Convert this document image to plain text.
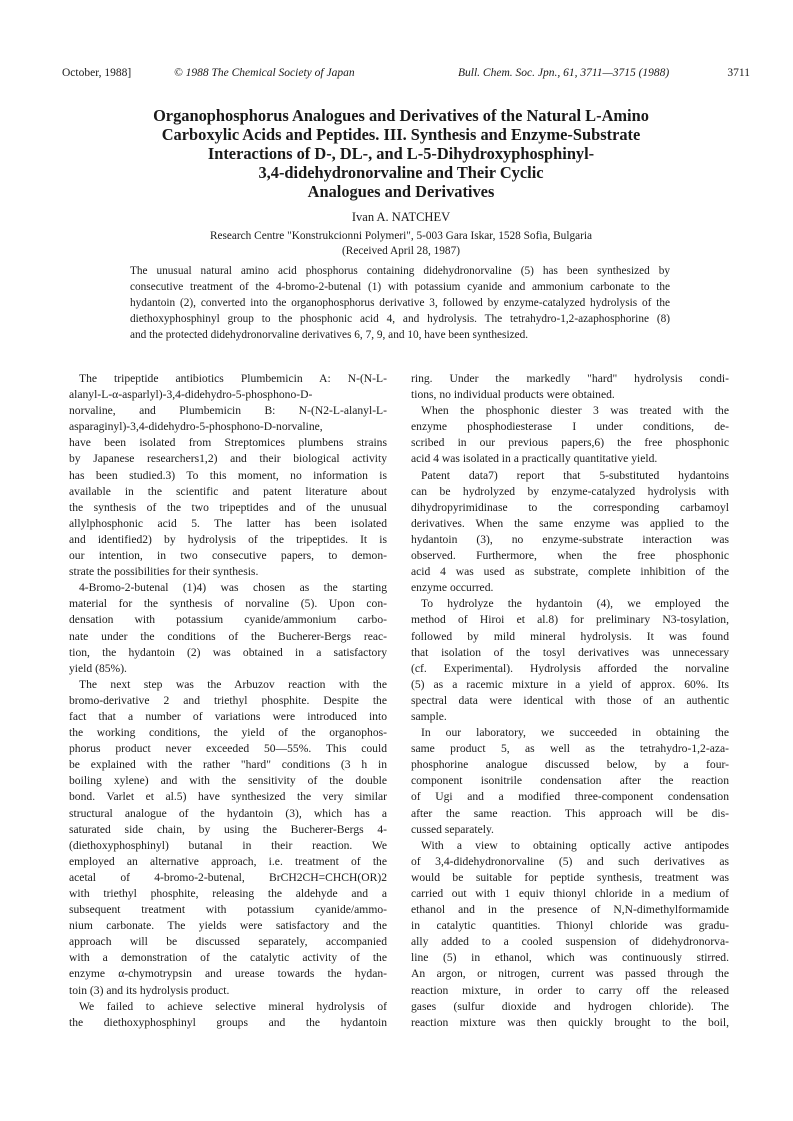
October, 1988]	© 1988 The Chemical Society of Japan	Bull. Chem. Soc. Jpn., 61, 3711—3715 (1988)	3711
Organophosphorus Analogues and Derivatives of the Natural L-Amino
Carboxylic Acids and Peptides. III. Synthesis and Enzyme-Substrate
Interactions of D-, DL-, and L-5-Dihydroxyphosphinyl-
3,4-didehydronorvaline and Their Cyclic
Analogues and Derivatives
Ivan A. NATCHEV
Research Centre "Konstrukcionni Polymeri", 5-003 Gara Iskar, 1528 Sofia, Bulgaria
(Received April 28, 1987)
The unusual natural amino acid phosphorus containing didehydronorvaline (5) has been synthesized by
consecutive treatment of the 4-bromo-2-butenal (1) with potassium cyanide and ammonium carbonate to the
hydantoin (2), converted into the organophosphorus derivative 3, followed by enzyme-catalyzed hydrolysis of the
diethoxyphosphinyl group to the phosphonic acid 4, and hydrolysis. The tetrahydro-1,2-azaphosphorine (8)
and the protected didehydronorvaline derivatives 6, 7, 9, and 10, have been synthesized.
The tripeptide antibiotics Plumbemicin A: N-(N-L-
alanyl-L-α-asparlyl)-3,4-didehydro-5-phosphono-D-
norvaline, and Plumbemicin B: N-(N2-L-alanyl-L-
asparaginyl)-3,4-didehydro-5-phosphono-D-norvaline,
have been isolated from Streptomices plumbens strains
by Japanese researchers1,2) and their biological activity
has been studied.3) To this moment, no information is
available in the scientific and patent literature about
the synthesis of the two tripeptides and of the unusual
allylphosphonic acid 5. The latter has been isolated
and identified2) by hydrolysis of the tripeptides. It is
our intention, in two consecutive papers, to demon-
strate the possibilities for their synthesis.
4-Bromo-2-butenal (1)4) was chosen as the starting
material for the synthesis of norvaline (5). Upon con-
densation with potassium cyanide/ammonium carbo-
nate under the conditions of the Bucherer-Bergs reac-
tion, the hydantoin (2) was obtained in a satisfactory
yield (85%).
The next step was the Arbuzov reaction with the
bromo-derivative 2 and triethyl phosphite. Despite the
fact that a number of variations were introduced into
the working conditions, the yield of the organophos-
phorus product never exceeded 50—55%. This could
be explained with the rather "hard" conditions (3 h in
boiling xylene) and with the sensitivity of the double
bond. Varlet et al.5) have synthesized the very similar
structural analogue of the hydantoin (3), which has a
saturated side chain, by using the Bucherer-Bergs 4-
(diethoxyphosphinyl) butanal in their reaction. We
employed an alternative approach, i.e. treatment of the
acetal of 4-bromo-2-butenal, BrCH2CH=CHCH(OR)2
with triethyl phosphite, releasing the aldehyde and a
subsequent treatment with potassium cyanide/ammo-
nium carbonate. The yields were satisfactory and the
approach will be discussed separately, accompanied
with a demonstration of the catalytic activity of the
enzyme α-chymotrypsin and urease towards the hydan-
toin (3) and its hydrolysis product.
We failed to achieve selective mineral hydrolysis of
the diethoxyphosphinyl groups and the hydantoin
ring. Under the markedly "hard" hydrolysis condi-
tions, no individual products were obtained.
When the phosphonic diester 3 was treated with the
enzyme phosphodiesterase I under conditions, de-
scribed in our previous papers,6) the free phosphonic
acid 4 was isolated in a practically quantitative yield.
Patent data7) report that 5-substituted hydantoins
can be hydrolyzed by enzyme-catalyzed hydrolysis with
dihydropyrimidinase to the corresponding carbamoyl
derivatives. When the same enzyme was applied to the
hydantoin (3), no enzyme-substrate interaction was
observed. Furthermore, when the free phosphonic
acid 4 was used as substrate, complete inhibition of the
enzyme occurred.
To hydrolyze the hydantoin (4), we employed the
method of Hiroi et al.8) for preliminary N3-tosylation,
followed by mild mineral hydrolysis. It was found
that isolation of the tosyl derivatives was unnecessary
(cf. Experimental). Hydrolysis afforded the norvaline
(5) as a racemic mixture in a yield of approx. 60%. Its
spectral data were identical with those of an authentic
sample.
In our laboratory, we succeeded in obtaining the
same product 5, as well as the tetrahydro-1,2-aza-
phosphorine analogue discussed below, by a four-
component isonitrile condensation after the reaction
of Ugi and a modified three-component condensation
after the same reaction. This approach will be dis-
cussed separately.
With a view to obtaining optically active antipodes
of 3,4-didehydronorvaline (5) and such derivatives as
would be suitable for peptide synthesis, treatment was
carried out with 1 equiv thionyl chloride in a medium of
ethanol and in the presence of N,N-dimethylformamide
in catalytic quantities. Thionyl chloride was gradu-
ally added to a cooled suspension of didehydronorva-
line (5) in ethanol, which was continuously stirred.
An argon, or nitrogen, current was passed through the
reaction mixture, in order to carry off the released
gases (sulfur dioxide and hydrogen chloride). The
reaction mixture was then quickly brought to the boil,
